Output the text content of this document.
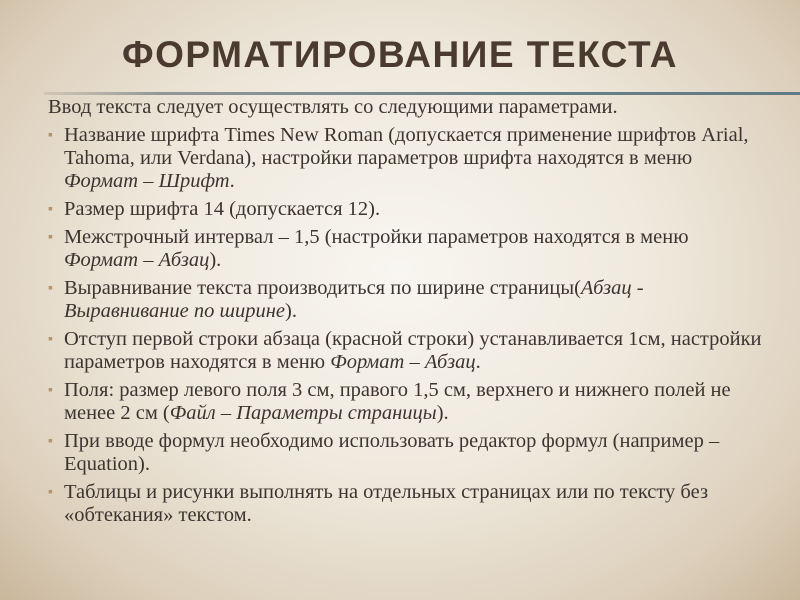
ФОРМАТИРОВАНИЕ ТЕКСТА

Ввод текста следует осуществлять со следующими параметрами.

▪ Название шрифта Times New Roman (допускается применение шрифтов Arial, Tahoma, или Verdana), настройки параметров шрифта находятся в меню Формат – Шрифт.
▪ Размер шрифта 14 (допускается 12).
▪ Межстрочный интервал – 1,5 (настройки параметров находятся в меню Формат – Абзац).
▪ Выравнивание текста производиться по ширине страницы(Абзац - Выравнивание по ширине).
▪ Отступ первой строки абзаца (красной строки) устанавливается 1см, настройки параметров находятся в меню Формат – Абзац.
▪ Поля: размер левого поля 3 см, правого 1,5 см, верхнего и нижнего полей не менее 2 см (Файл – Параметры страницы).
▪ При вводе формул необходимо использовать редактор формул (например – Equation).
▪ Таблицы и рисунки выполнять на отдельных страницах или по тексту без «обтекания» текстом.
